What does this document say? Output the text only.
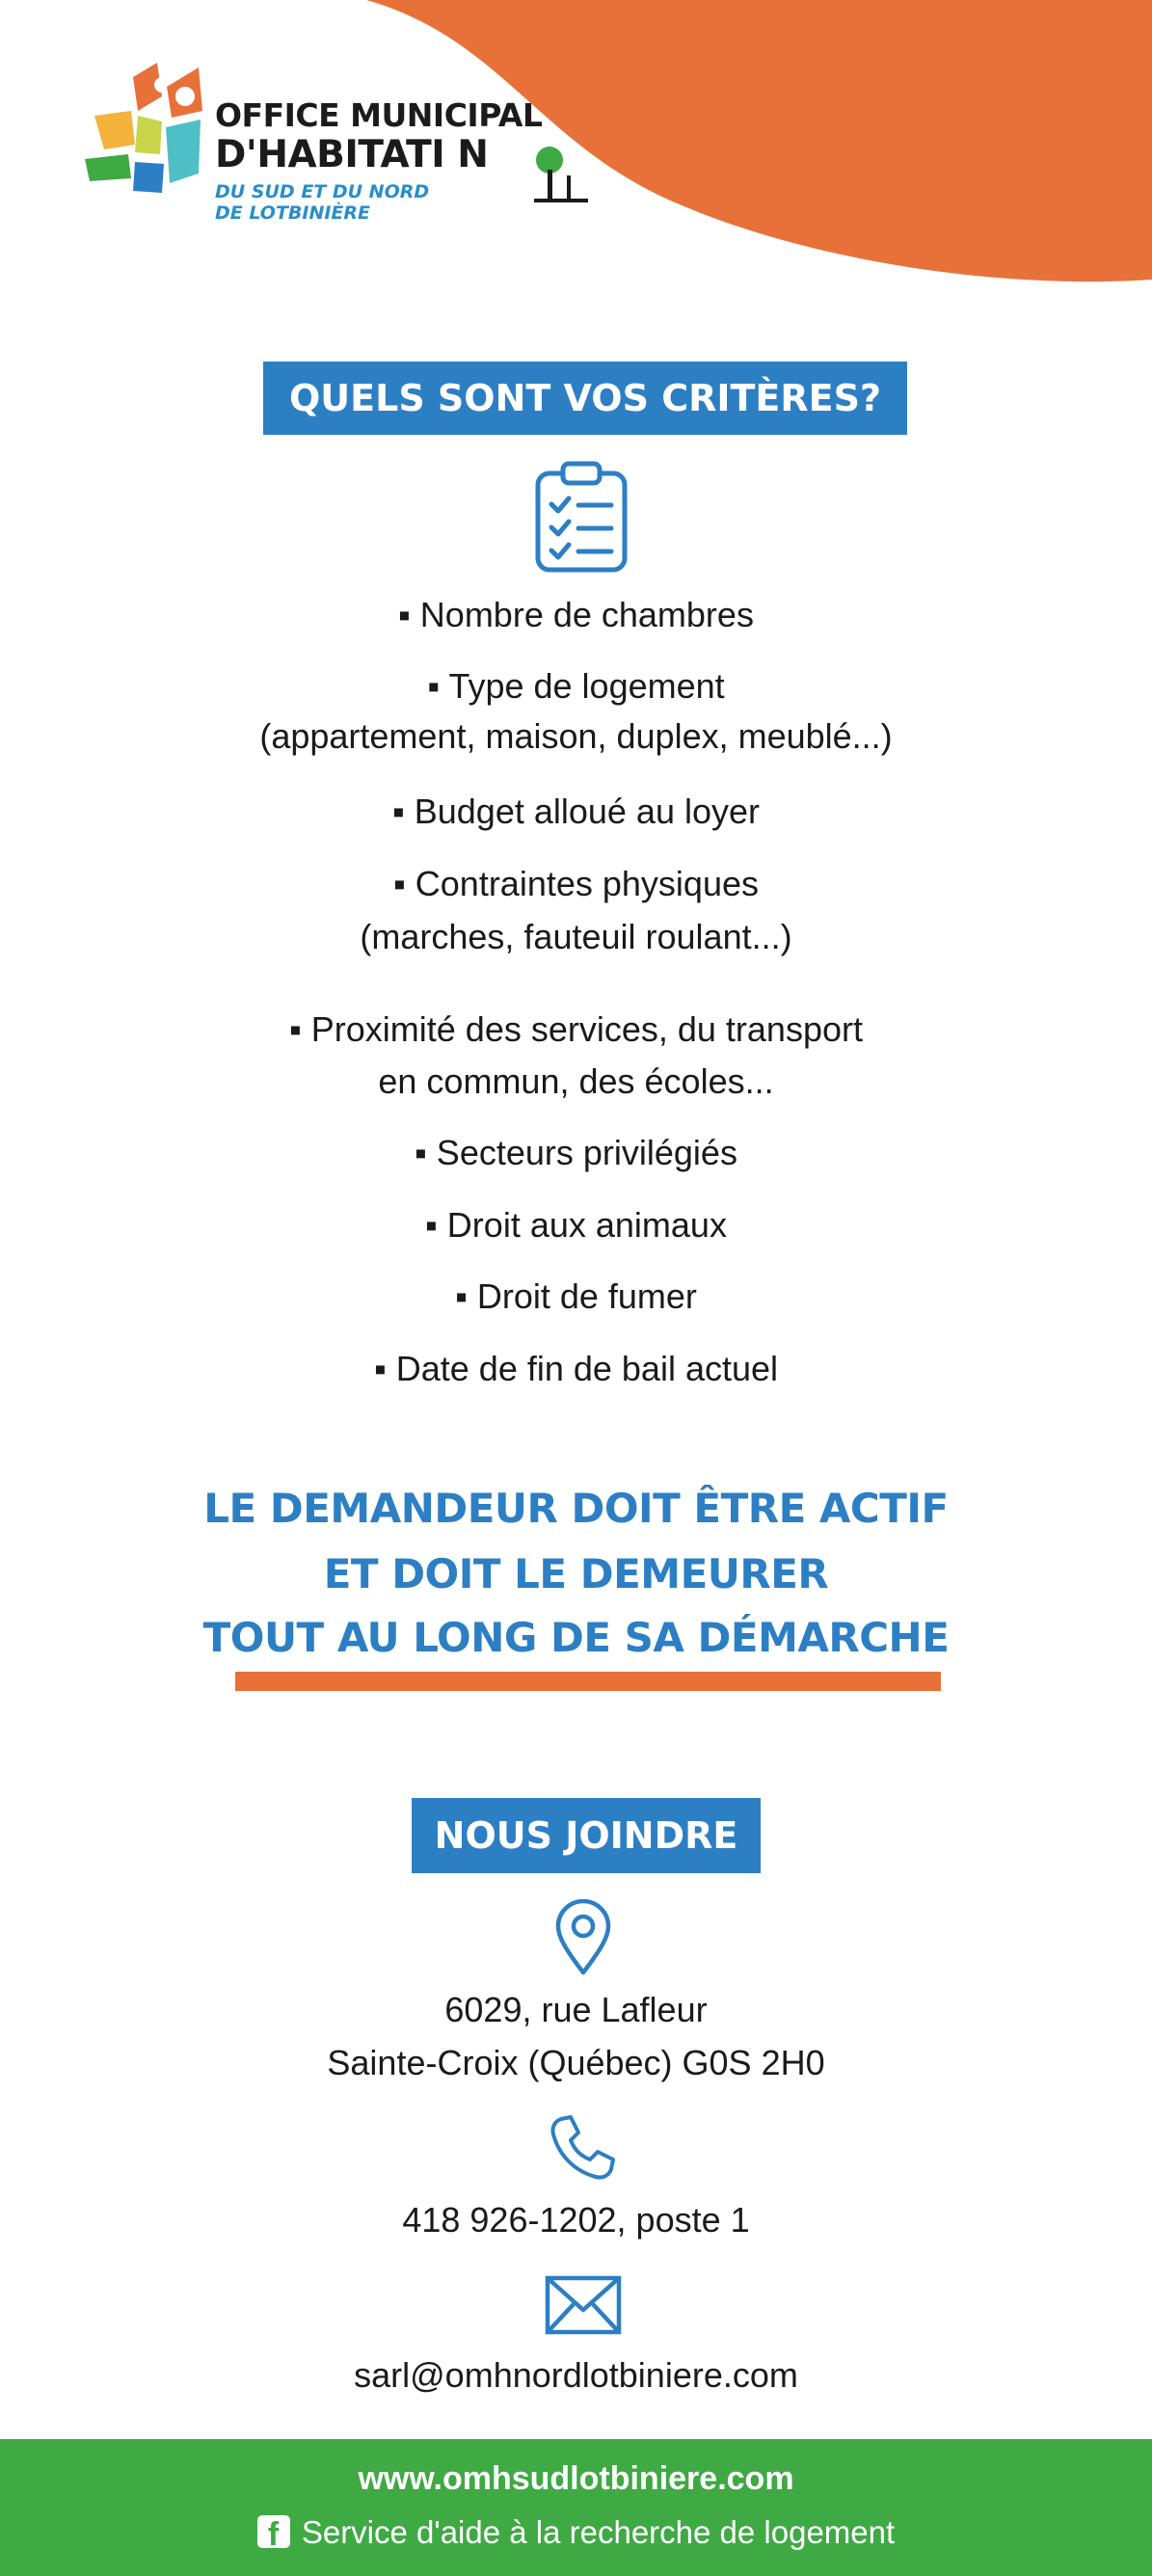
OFFICE MUNICIPAL
D'HABITATI N
DU SUD ET DU NORD
DE LOTBINIÈRE
QUELS SONT VOS CRITÈRES?
▪ Nombre de chambres
▪ Type de logement
(appartement, maison, duplex, meublé...)
▪ Budget alloué au loyer
▪ Contraintes physiques
(marches, fauteuil roulant...)
▪ Proximité des services, du transport
en commun, des écoles...
▪ Secteurs privilégiés
▪ Droit aux animaux
▪ Droit de fumer
▪ Date de fin de bail actuel
LE DEMANDEUR DOIT ÊTRE ACTIF
ET DOIT LE DEMEURER
TOUT AU LONG DE SA DÉMARCHE
NOUS JOINDRE
6029, rue Lafleur
Sainte-Croix (Québec) G0S 2H0
418 926-1202, poste 1
sarl@omhnordlotbiniere.com
www.omhsudlotbiniere.com
f Service d'aide à la recherche de logement
